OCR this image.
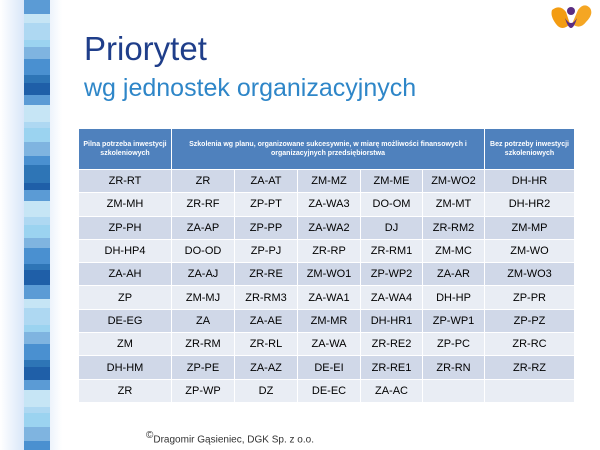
Priorytet
wg jednostek organizacyjnych
Pilna potrzeba inwestycji szkoleniowych	Szkolenia wg planu, organizowane sukcesywnie, w miarę możliwości finansowych i organizacyjnych przedsiębiorstwa					Bez potrzeby inwestycji szkoleniowych
ZR-RT	ZR	ZA-AT	ZM-MZ	ZM-ME	ZM-WO2	DH-HR
ZM-MH	ZR-RF	ZP-PT	ZA-WA3	DO-OM	ZM-MT	DH-HR2
ZP-PH	ZA-AP	ZP-PP	ZA-WA2	DJ	ZR-RM2	ZM-MP
DH-HP4	DO-OD	ZP-PJ	ZR-RP	ZR-RM1	ZM-MC	ZM-WO
ZA-AH	ZA-AJ	ZR-RE	ZM-WO1	ZP-WP2	ZA-AR	ZM-WO3
ZP	ZM-MJ	ZR-RM3	ZA-WA1	ZA-WA4	DH-HP	ZP-PR
DE-EG	ZA	ZA-AE	ZM-MR	DH-HR1	ZP-WP1	ZP-PZ
ZM	ZR-RM	ZR-RL	ZA-WA	ZR-RE2	ZP-PC	ZR-RC
DH-HM	ZP-PE	ZA-AZ	DE-EI	ZR-RE1	ZR-RN	ZR-RZ
ZR	ZP-WP	DZ	DE-EC	ZA-AC		
©Dragomir Gąsieniec, DGK Sp. z o.o.
